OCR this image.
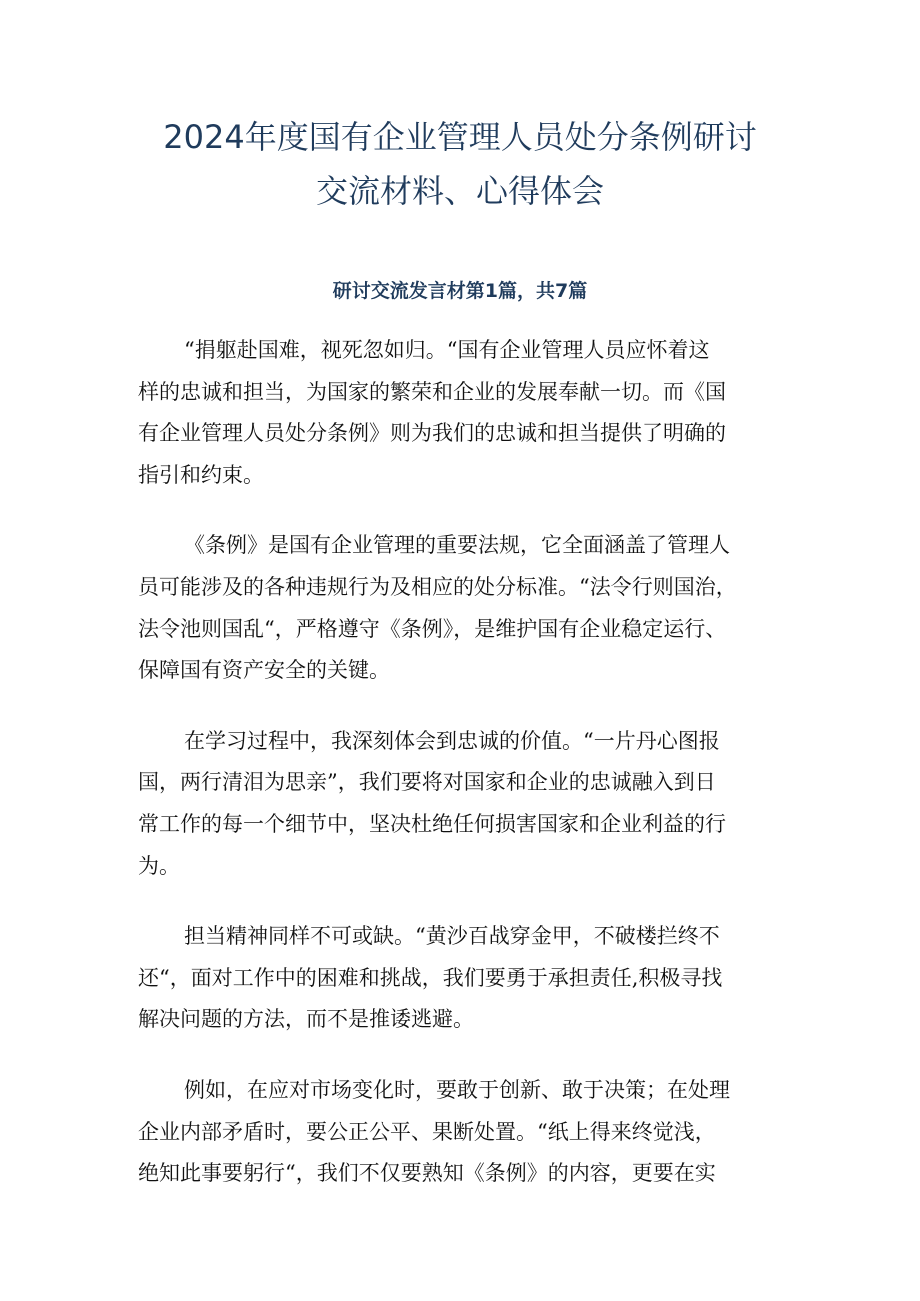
2024年度国有企业管理人员处分条例研讨
交流材料、心得体会
研讨交流发言材第1篇，共7篇

“捐躯赴国难，视死忽如归。“国有企业管理人员应怀着这
样的忠诚和担当，为国家的繁荣和企业的发展奉献一切。而《国
有企业管理人员处分条例》则为我们的忠诚和担当提供了明确的
指引和约束。

《条例》是国有企业管理的重要法规，它全面涵盖了管理人
员可能涉及的各种违规行为及相应的处分标准。“法令行则国治，
法令池则国乱“，严格遵守《条例》，是维护国有企业稳定运行、
保障国有资产安全的关键。

在学习过程中，我深刻体会到忠诚的价值。“一片丹心图报
国，两行清泪为思亲”，我们要将对国家和企业的忠诚融入到日
常工作的每一个细节中，坚决杜绝任何损害国家和企业利益的行
为。

担当精神同样不可或缺。“黄沙百战穿金甲，不破楼拦终不
还“，面对工作中的困难和挑战，我们要勇于承担责任,积极寻找
解决问题的方法，而不是推诿逃避。

例如，在应对市场变化时，要敢于创新、敢于决策；在处理
企业内部矛盾时，要公正公平、果断处置。“纸上得来终觉浅，
绝知此事要躬行“，我们不仅要熟知《条例》的内容，更要在实
